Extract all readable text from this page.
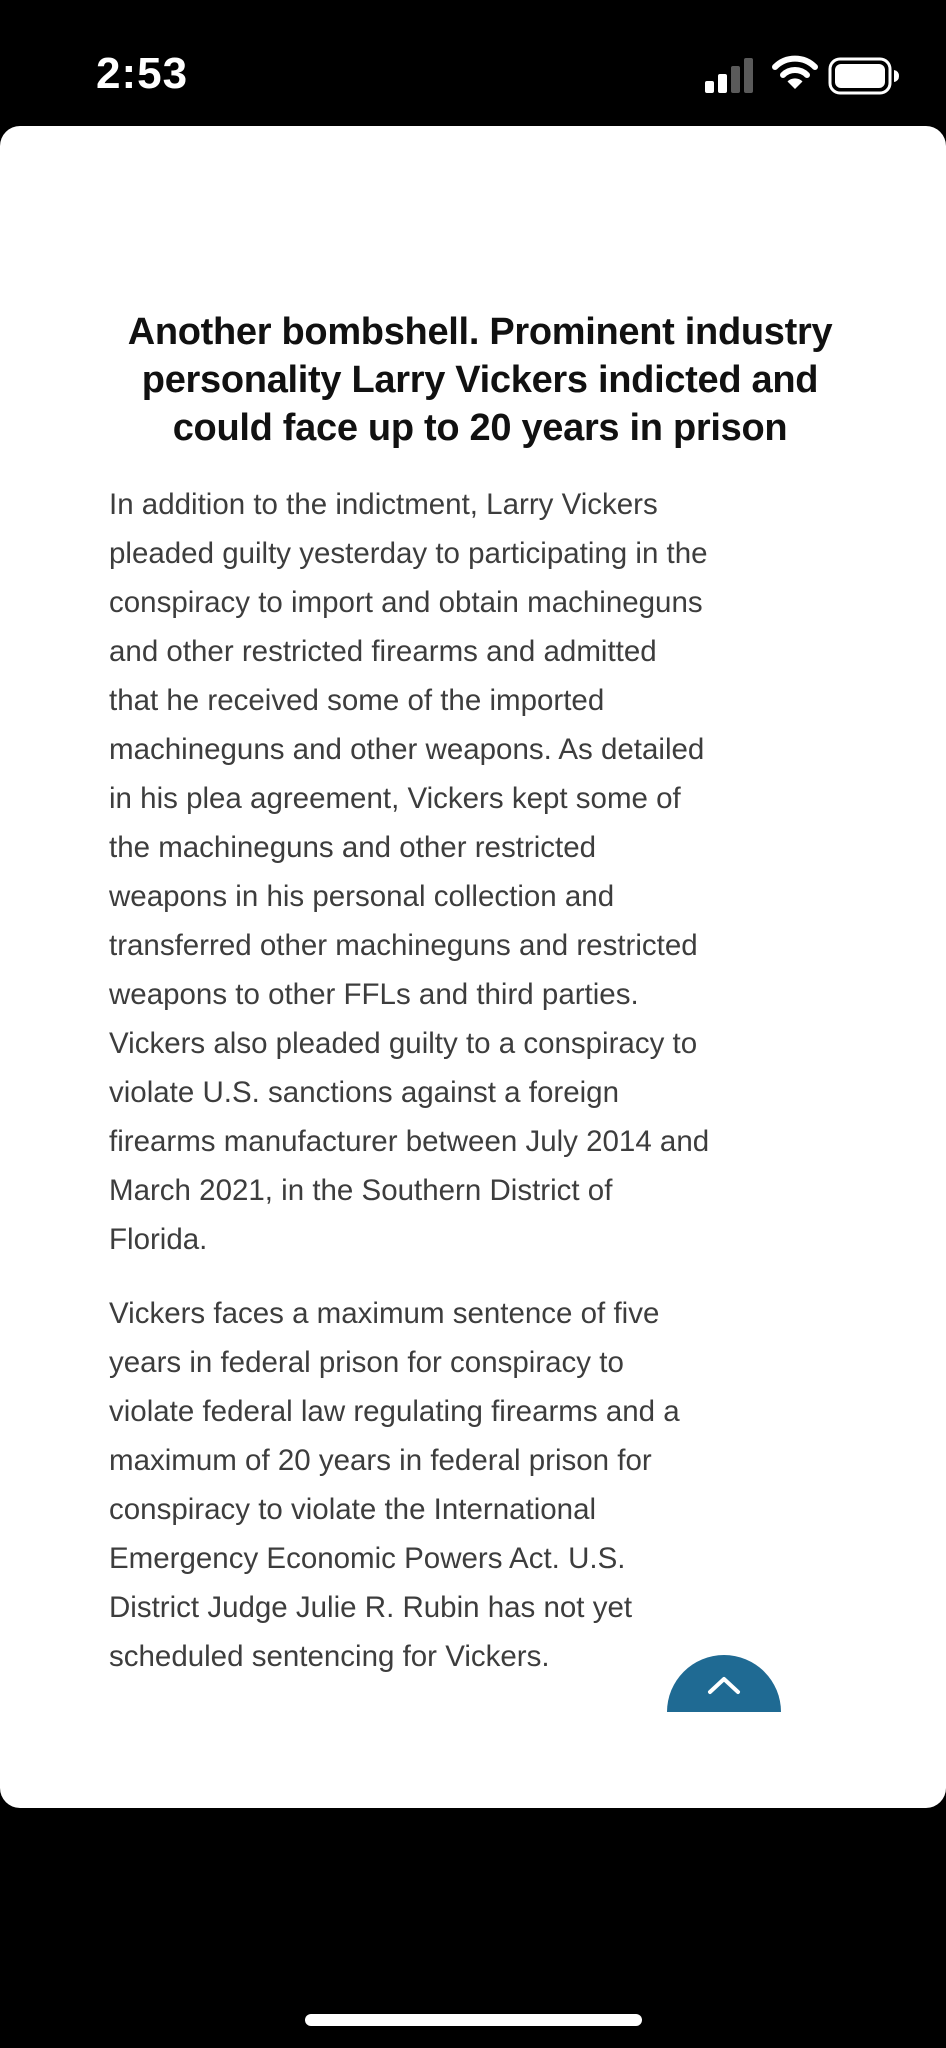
2:53
Another bombshell. Prominent industry personality Larry Vickers indicted and could face up to 20 years in prison

In addition to the indictment, Larry Vickers
pleaded guilty yesterday to participating in the
conspiracy to import and obtain machineguns
and other restricted firearms and admitted
that he received some of the imported
machineguns and other weapons. As detailed
in his plea agreement, Vickers kept some of
the machineguns and other restricted
weapons in his personal collection and
transferred other machineguns and restricted
weapons to other FFLs and third parties.
Vickers also pleaded guilty to a conspiracy to
violate U.S. sanctions against a foreign
firearms manufacturer between July 2014 and
March 2021, in the Southern District of
Florida.

Vickers faces a maximum sentence of five
years in federal prison for conspiracy to
violate federal law regulating firearms and a
maximum of 20 years in federal prison for
conspiracy to violate the International
Emergency Economic Powers Act. U.S.
District Judge Julie R. Rubin has not yet
scheduled sentencing for Vickers.
